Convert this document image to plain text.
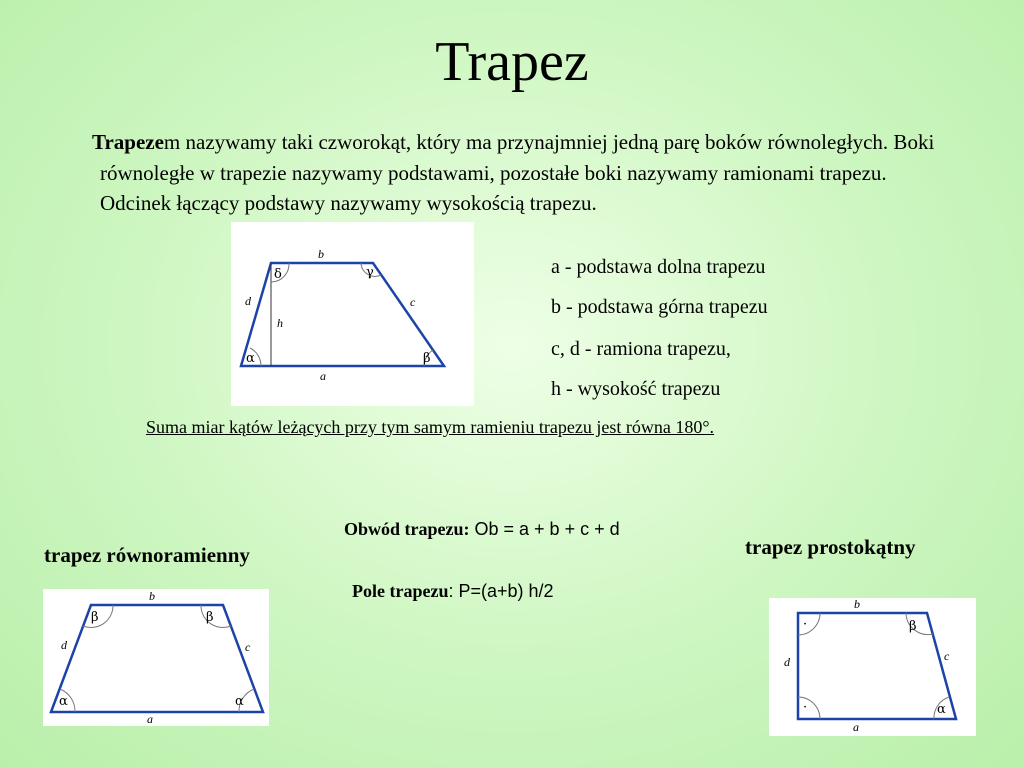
Trapez
Trapezem nazywamy taki czworokąt, który ma przynajmniej jedną parę boków równoległych. Boki równoległe w trapezie nazywamy podstawami, pozostałe boki nazywamy ramionami trapezu. Odcinek łączący podstawy nazywamy wysokością trapezu.
b
a
d	c
h
α	β
γ
δ	a - podstawa dolna trapezu
b - podstawa górna trapezu
c, d - ramiona trapezu,
h - wysokość trapezu
Suma miar kątów leżących przy tym samym ramieniu trapezu jest równa 180°.
Obwód trapezu: Ob = a + b + c + d
Pole trapezu: P=(a+b) h/2
trapez równoramienny	trapez prostokątny
b
a
d	c
α	α
β	β
b
a
d	c
·
·
β
α
